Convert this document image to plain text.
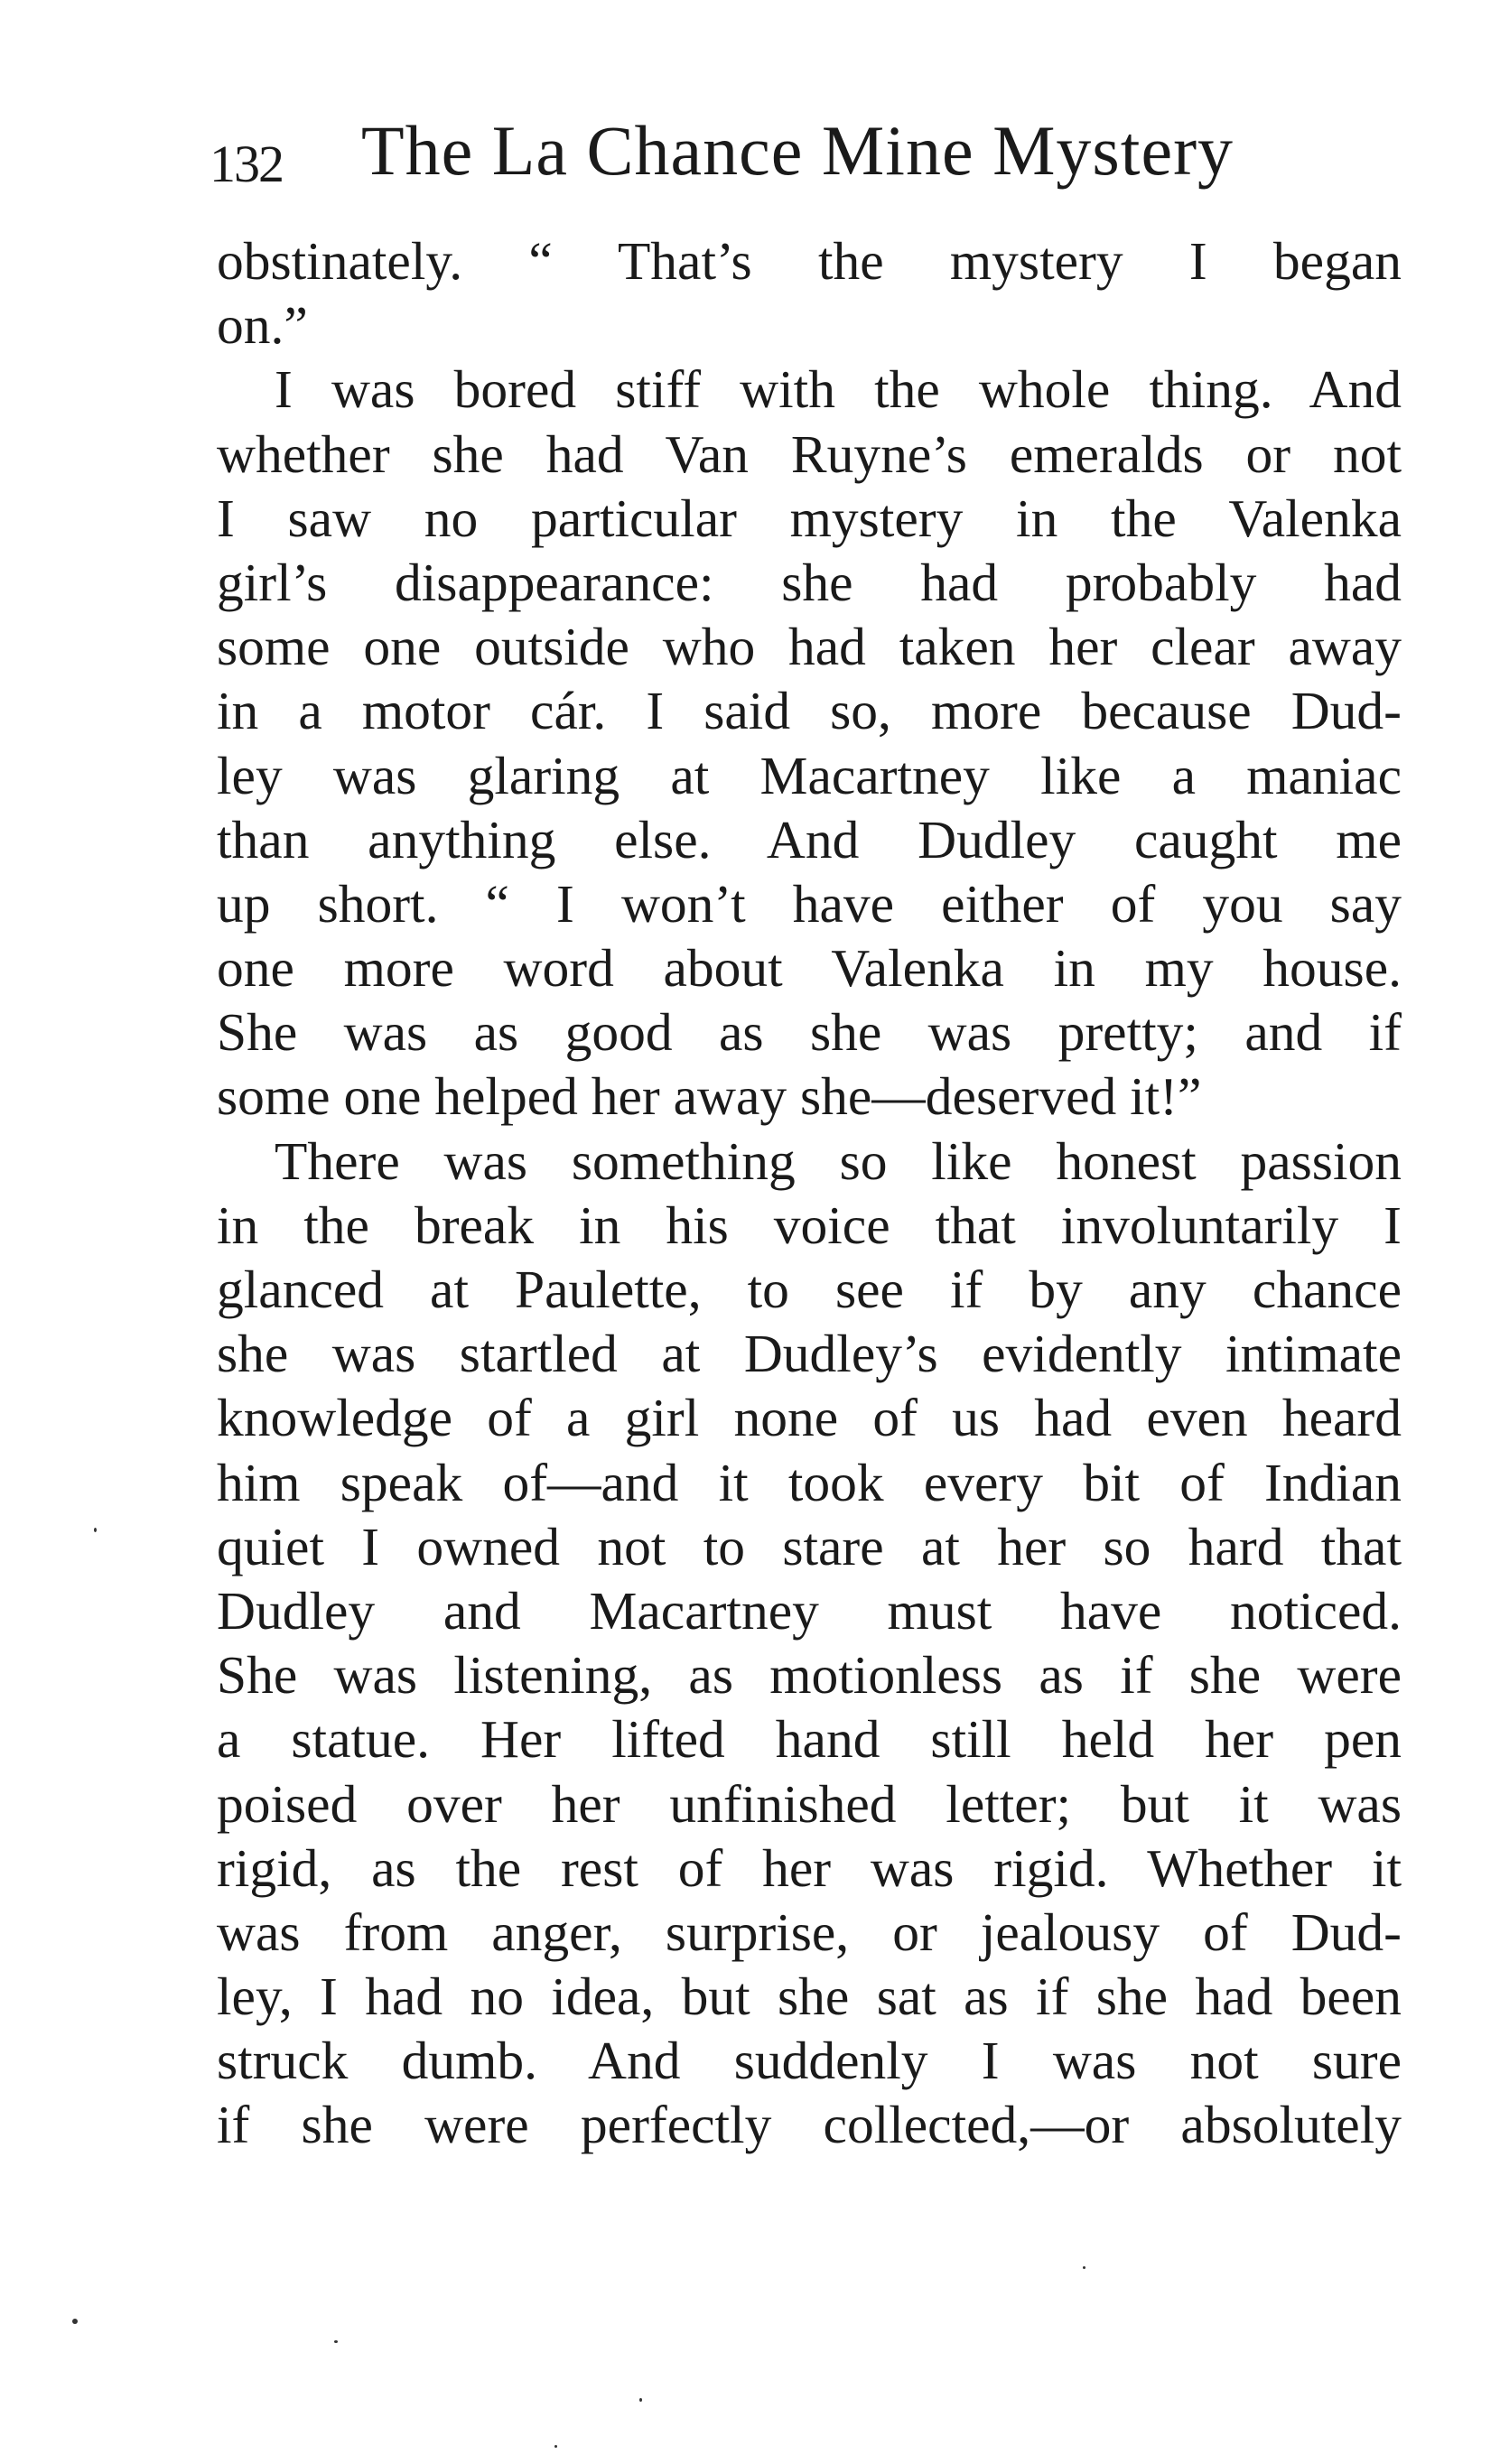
132 The La Chance Mine Mystery
obstinately. “ That’s the mystery I began
on.”
I was bored stiff with the whole thing. And
whether she had Van Ruyne’s emeralds or not
I saw no particular mystery in the Valenka
girl’s disappearance: she had probably had
some one outside who had taken her clear away
in a motor cár. I said so, more because Dud-
ley was glaring at Macartney like a maniac
than anything else. And Dudley caught me
up short. “ I won’t have either of you say
one more word about Valenka in my house.
She was as good as she was pretty; and if
some one helped her away she—deserved it!”
There was something so like honest passion
in the break in his voice that involuntarily I
glanced at Paulette, to see if by any chance
she was startled at Dudley’s evidently intimate
knowledge of a girl none of us had even heard
him speak of—and it took every bit of Indian
quiet I owned not to stare at her so hard that
Dudley and Macartney must have noticed.
She was listening, as motionless as if she were
a statue. Her lifted hand still held her pen
poised over her unfinished letter; but it was
rigid, as the rest of her was rigid. Whether it
was from anger, surprise, or jealousy of Dud-
ley, I had no idea, but she sat as if she had been
struck dumb. And suddenly I was not sure
if she were perfectly collected,—or absolutely
